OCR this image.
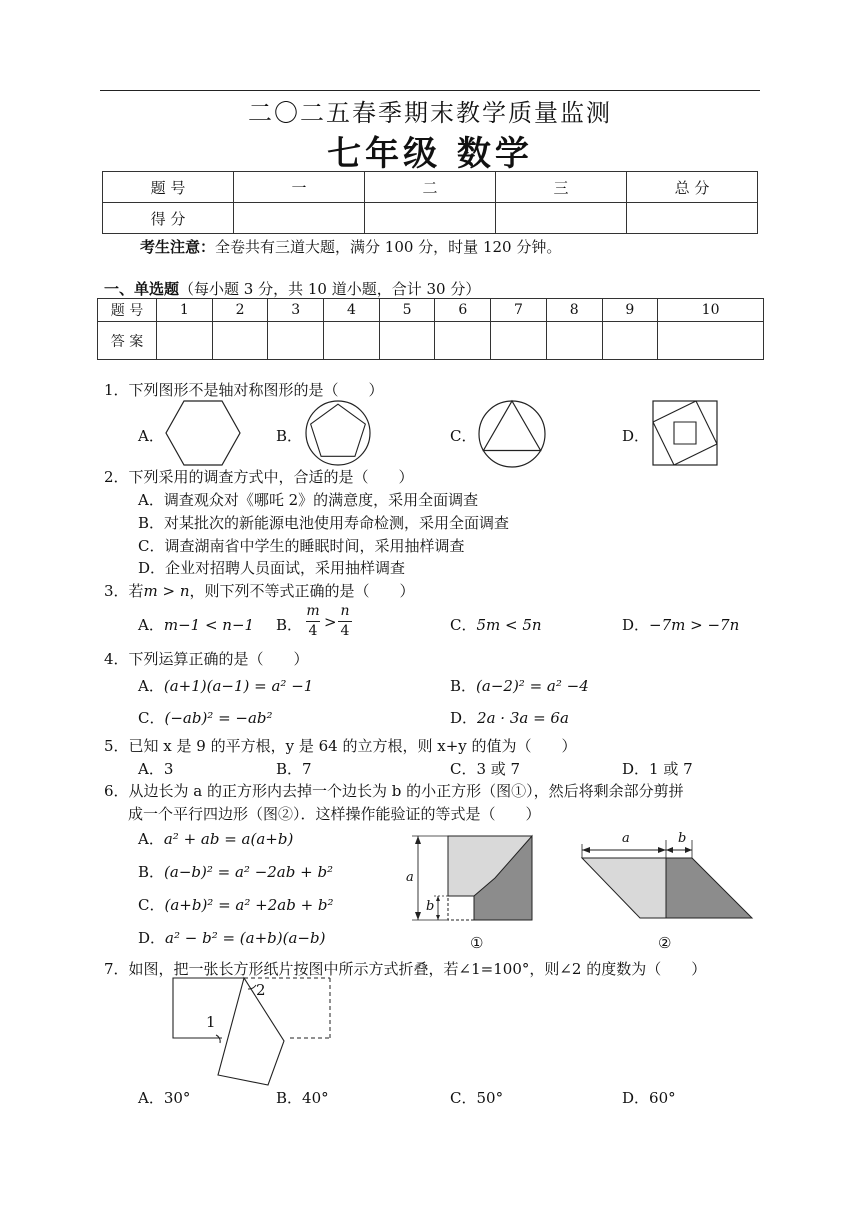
二〇二五春季期末教学质量监测
七年级 数学
题 号	一	二	三	总 分
得 分				
考生注意：全卷共有三道大题，满分 100 分，时量 120 分钟。
一、单选题（每小题 3 分，共 10 道小题，合计 30 分）
题 号	1	2	3	4	5	6	7	8	9	10
答 案										
1．下列图形不是轴对称图形的是（　　）
A．	B．	C．	D．
2．下列采用的调查方式中，合适的是（　　）
A．调查观众对《哪吒 2》的满意度，采用全面调查
B．对某批次的新能源电池使用寿命检测，采用全面调查
C．调查湖南省中学生的睡眠时间，采用抽样调查
D．企业对招聘人员面试，采用抽样调查
3．若m > n，则下列不等式正确的是（　　）
A．m−1 < n−1 B．
m
4 >
n
4	C．5m < 5n	D．−7m > −7n
4．下列运算正确的是（　　）
A．(a+1)(a−1) = a² −1	B．(a−2)² = a² −4
C．(−ab)² = −ab²	D．2a · 3a = 6a
5．已知 x 是 9 的平方根，y 是 64 的立方根，则 x+y 的值为（　　）
A．3	B．7	C．3 或 7	D．1 或 7
6．从边长为 a 的正方形内去掉一个边长为 b 的小正方形（图①），然后将剩余部分剪拼
成一个平行四边形（图②）．这样操作能验证的等式是（　　）
A．a² + ab = a(a+b)
B．(a−b)² = a² −2ab + b²
C．(a+b)² = a² +2ab + b²
D．a² − b² = (a+b)(a−b)
a
b
①
a	b
②
7．如图，把一张长方形纸片按图中所示方式折叠，若∠1=100°，则∠2 的度数为（　　）
1
2
A．30°	B．40°	C．50°	D．60°
